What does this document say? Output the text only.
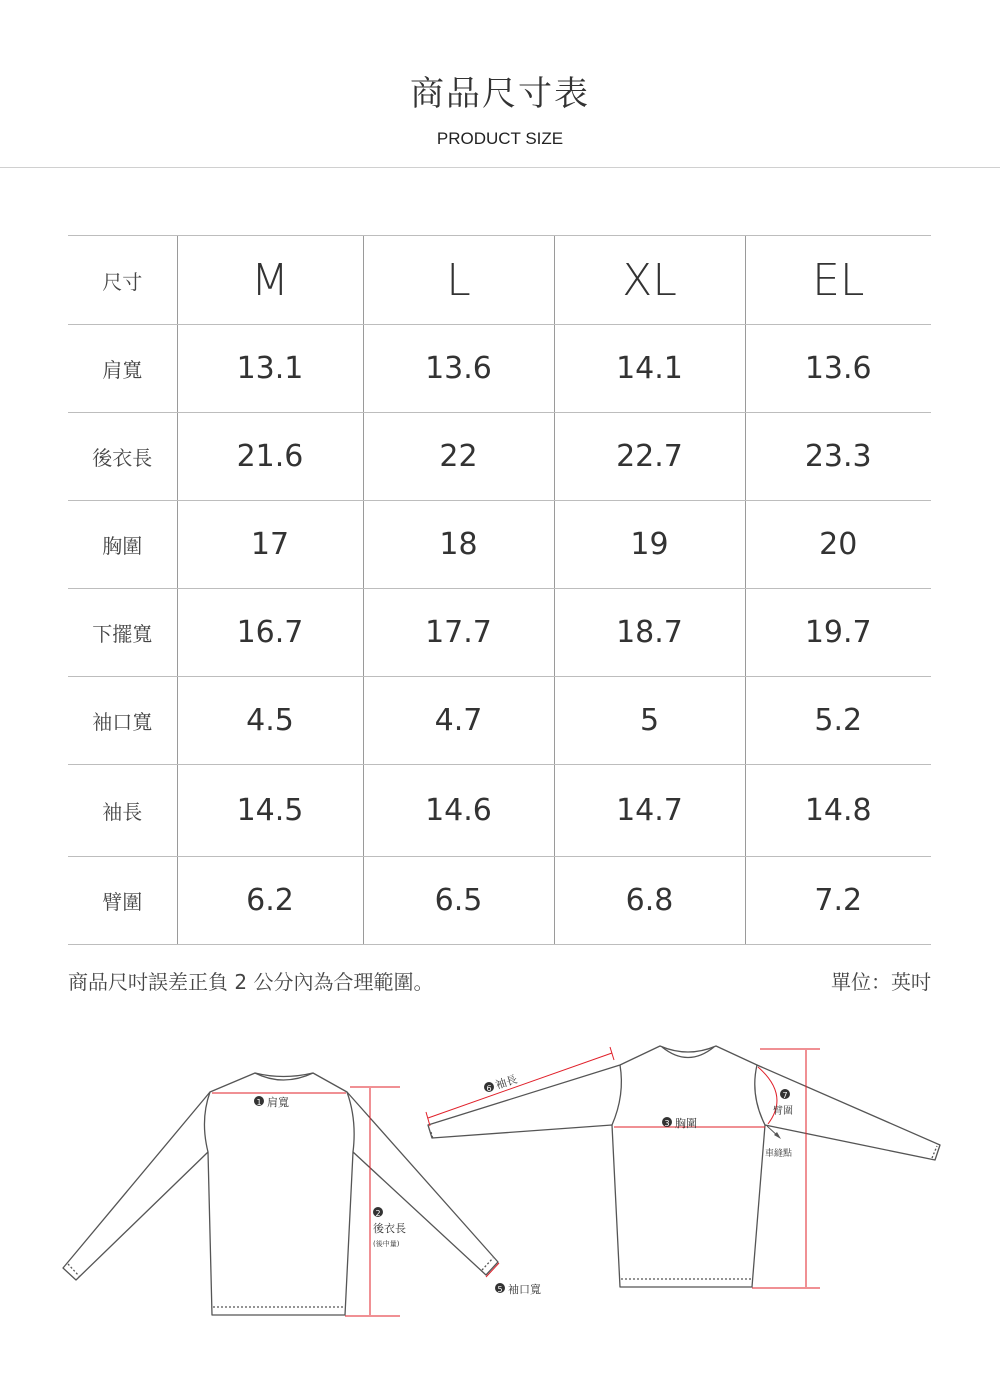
商品尺寸表
PRODUCT SIZE
尺寸	M	L	XL	EL
肩寬	13.1	13.6	14.1	13.6
後衣長	21.6	22	22.7	23.3
胸圍	17	18	19	20
下擺寬	16.7	17.7	18.7	19.7
袖口寬	4.5	4.7	5	5.2
袖長	14.5	14.6	14.7	14.8
臂圍	6.2	6.5	6.8	7.2
商品尺吋誤差正負 2 公分內為合理範圍。	單位：英吋
1 肩寬
2
後衣長
(後中量)
5 袖口寬
6 袖長
3 胸圍
7
臂圍
車縫點
